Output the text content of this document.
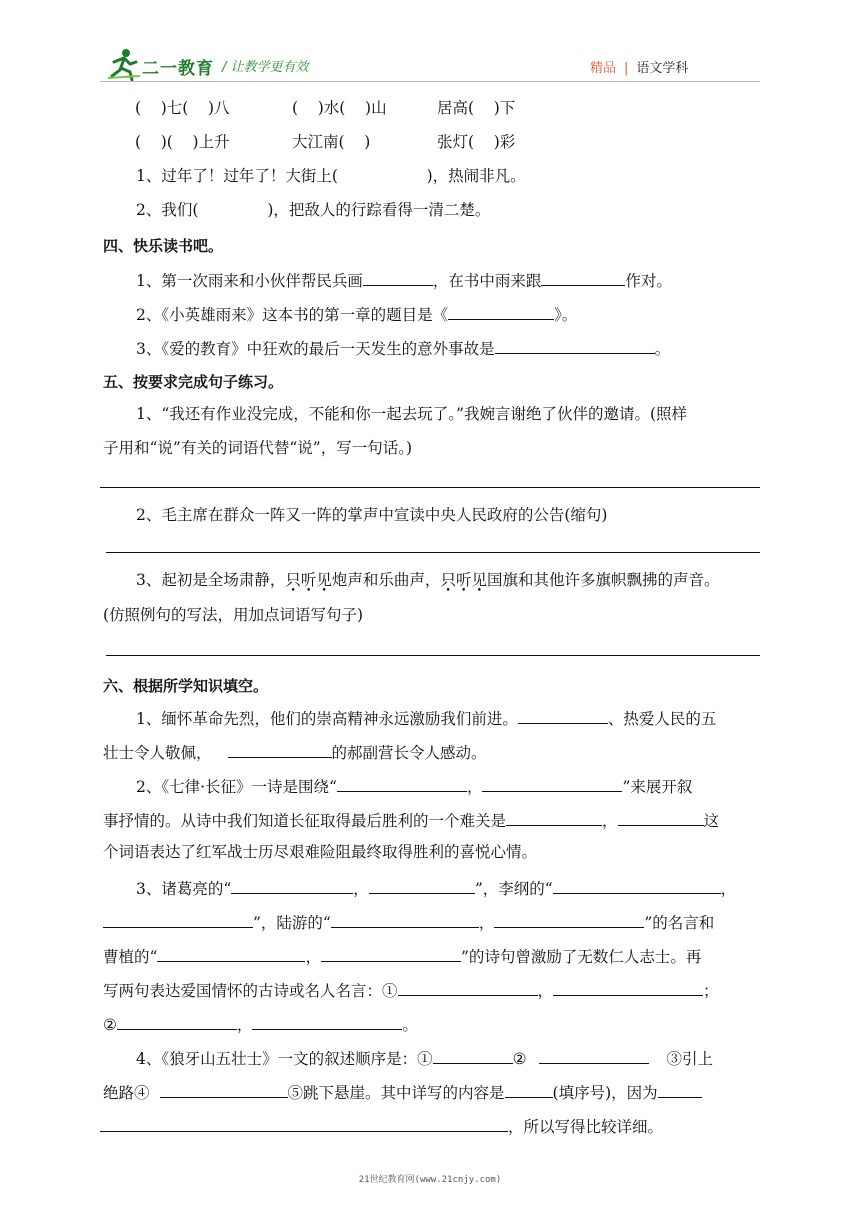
二一教育 / 让教学更有效	精品 | 语文学科
(    )七(    )八	(    )水(    )山	居高(    )下
(    )(    )上升	大江南(    )	张灯(    )彩
1、过年了！过年了！大街上(                  )，热闹非凡。
2、我们(              )，把敌人的行踪看得一清二楚。
四、快乐读书吧。
1、第一次雨来和小伙伴帮民兵画	，在书中雨来跟	作对。
2、《小英雄雨来》这本书的第一章的题目是《	》。
3、《爱的教育》中狂欢的最后一天发生的意外事故是	。
五、按要求完成句子练习。
1、“我还有作业没完成，不能和你一起去玩了。”我婉言谢绝了伙伴的邀请。(照样
子用和“说”有关的词语代替“说”，写一句话。)
2、毛主席在群众一阵又一阵的掌声中宣读中央人民政府的公告(缩句)
3、起初是全场肃静，只听见炮声和乐曲声，只听见国旗和其他许多旗帜飘拂的声音。
(仿照例句的写法，用加点词语写句子)
六、根据所学知识填空。
1、缅怀革命先烈，他们的崇高精神永远激励我们前进。	、热爱人民的五
壮士令人敬佩，	的郝副营长令人感动。
2、《七律·长征》一诗是围绕“	，	”来展开叙
事抒情的。从诗中我们知道长征取得最后胜利的一个难关是	，	这
个词语表达了红军战士历尽艰难险阻最终取得胜利的喜悦心情。
3、诸葛亮的“	，	”，李纲的“	，
”，陆游的“	，	”的名言和
曹植的“	，	”的诗句曾激励了无数仁人志士。再
写两句表达爱国情怀的古诗或名人名言：①	，	；
②	，	。
4、《狼牙山五壮士》一文的叙述顺序是：①	②	③引上
绝路④	⑤跳下悬崖。其中详写的内容是	(填序号)，因为
，所以写得比较详细。
21世纪教育网(www.21cnjy.com)
